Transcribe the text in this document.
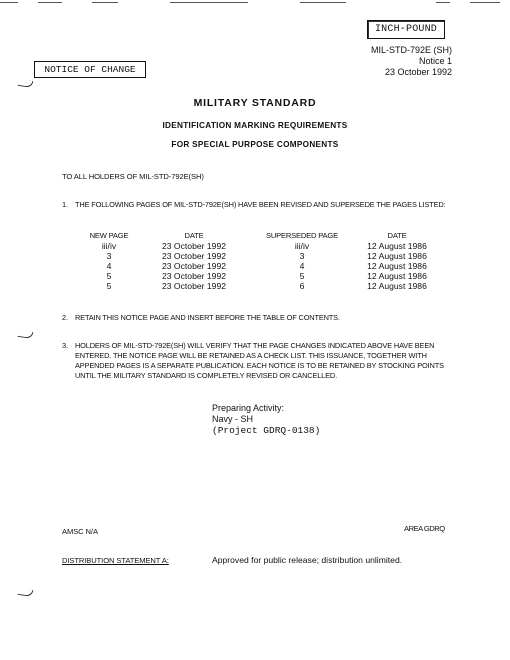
INCH-POUND
MIL-STD-792E (SH)
Notice 1
23 October 1992
NOTICE OF CHANGE
MILITARY STANDARD
IDENTIFICATION MARKING REQUIREMENTS
FOR SPECIAL PURPOSE COMPONENTS
TO ALL HOLDERS OF MIL-STD-792E(SH)
1. THE FOLLOWING PAGES OF MIL-STD-792E(SH) HAVE BEEN REVISED AND SUPERSEDE THE PAGES LISTED:
NEW PAGE	DATE	SUPERSEDED PAGE	DATE
iii/iv	23 October 1992	iii/iv	12 August 1986
3	23 October 1992	3	12 August 1986
4	23 October 1992	4	12 August 1986
5	23 October 1992	5	12 August 1986
5	23 October 1992	6	12 August 1986
2. RETAIN THIS NOTICE PAGE AND INSERT BEFORE THE TABLE OF CONTENTS.
3. HOLDERS OF MIL-STD-792E(SH) WILL VERIFY THAT THE PAGE CHANGES INDICATED ABOVE HAVE BEEN ENTERED. THE NOTICE PAGE WILL BE RETAINED AS A CHECK LIST. THIS ISSUANCE, TOGETHER WITH APPENDED PAGES IS A SEPARATE PUBLICATION. EACH NOTICE IS TO BE RETAINED BY STOCKING POINTS UNTIL THE MILITARY STANDARD IS COMPLETELY REVISED OR CANCELLED.
Preparing Activity:
Navy - SH
(Project GDRQ-0138)
AMSC N/A	AREA GDRQ
DISTRIBUTION STATEMENT A:	Approved for public release; distribution unlimited.
